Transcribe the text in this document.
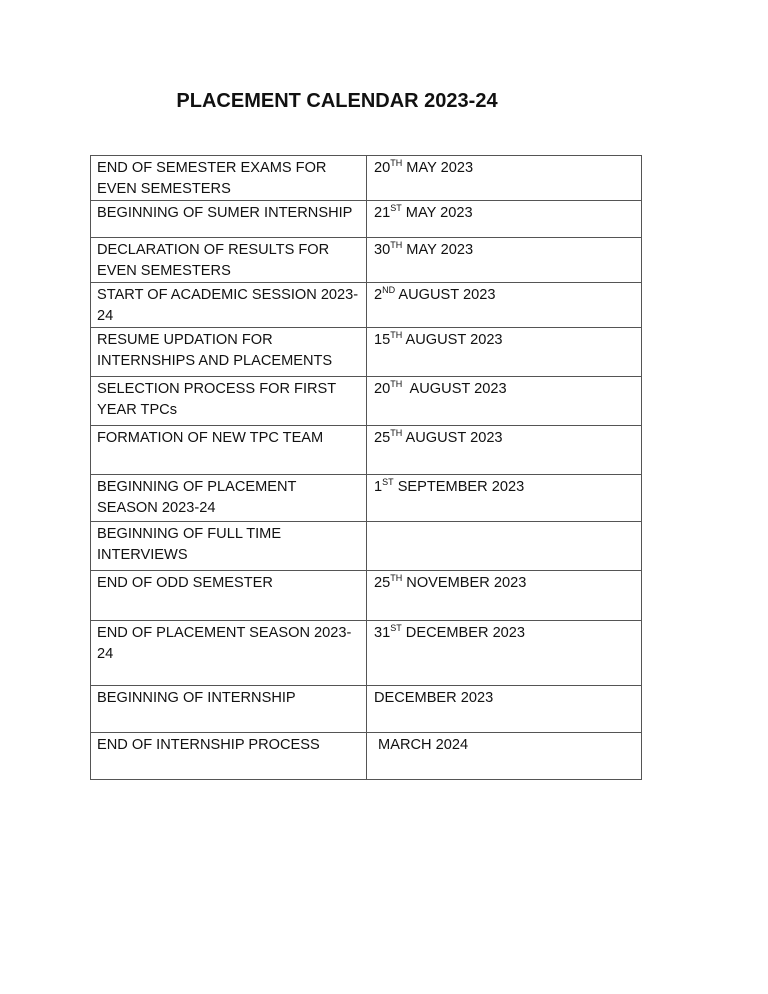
PLACEMENT CALENDAR 2023-24
END OF SEMESTER EXAMS FOR EVEN SEMESTERS	20TH MAY 2023
BEGINNING OF SUMER INTERNSHIP	21ST MAY 2023
DECLARATION OF RESULTS FOR EVEN SEMESTERS	30TH MAY 2023
START OF ACADEMIC SESSION 2023-24	2ND AUGUST 2023
RESUME UPDATION FOR INTERNSHIPS AND PLACEMENTS	15TH AUGUST 2023
SELECTION PROCESS FOR FIRST YEAR TPCs	20TH  AUGUST 2023
FORMATION OF NEW TPC TEAM	25TH AUGUST 2023
BEGINNING OF PLACEMENT SEASON 2023-24	1ST SEPTEMBER 2023
BEGINNING OF FULL TIME INTERVIEWS	
END OF ODD SEMESTER	25TH NOVEMBER 2023
END OF PLACEMENT SEASON 2023-24	31ST DECEMBER 2023
BEGINNING OF INTERNSHIP	DECEMBER 2023
END OF INTERNSHIP PROCESS	MARCH 2024
